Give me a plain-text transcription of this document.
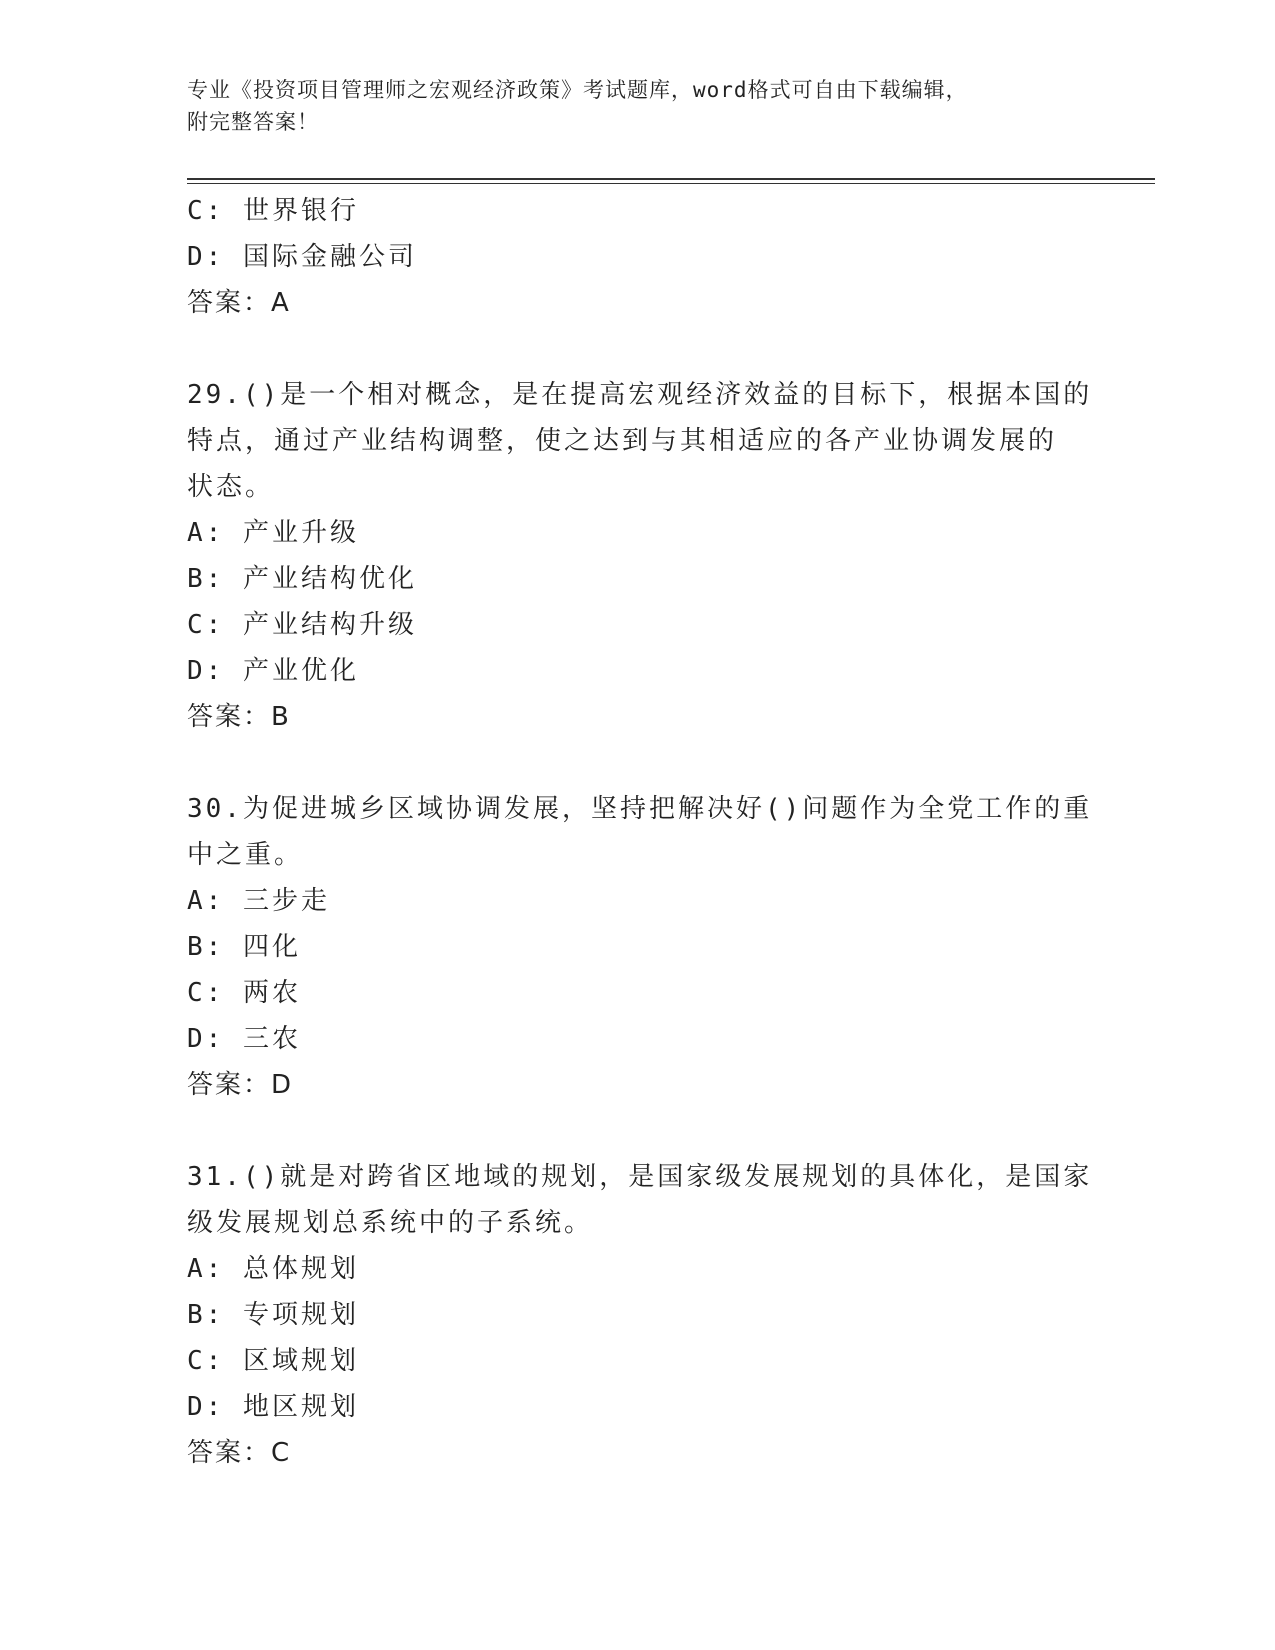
专业《投资项目管理师之宏观经济政策》考试题库，word格式可自由下载编辑，
附完整答案！
C: 世界银行
D: 国际金融公司
答案：A
29.()是一个相对概念，是在提高宏观经济效益的目标下，根据本国的
特点，通过产业结构调整，使之达到与其相适应的各产业协调发展的
状态。
A: 产业升级
B: 产业结构优化
C: 产业结构升级
D: 产业优化
答案：B
30.为促进城乡区域协调发展，坚持把解决好()问题作为全党工作的重
中之重。
A: 三步走
B: 四化
C: 两农
D: 三农
答案：D
31.()就是对跨省区地域的规划，是国家级发展规划的具体化，是国家
级发展规划总系统中的子系统。
A: 总体规划
B: 专项规划
C: 区域规划
D: 地区规划
答案：C
